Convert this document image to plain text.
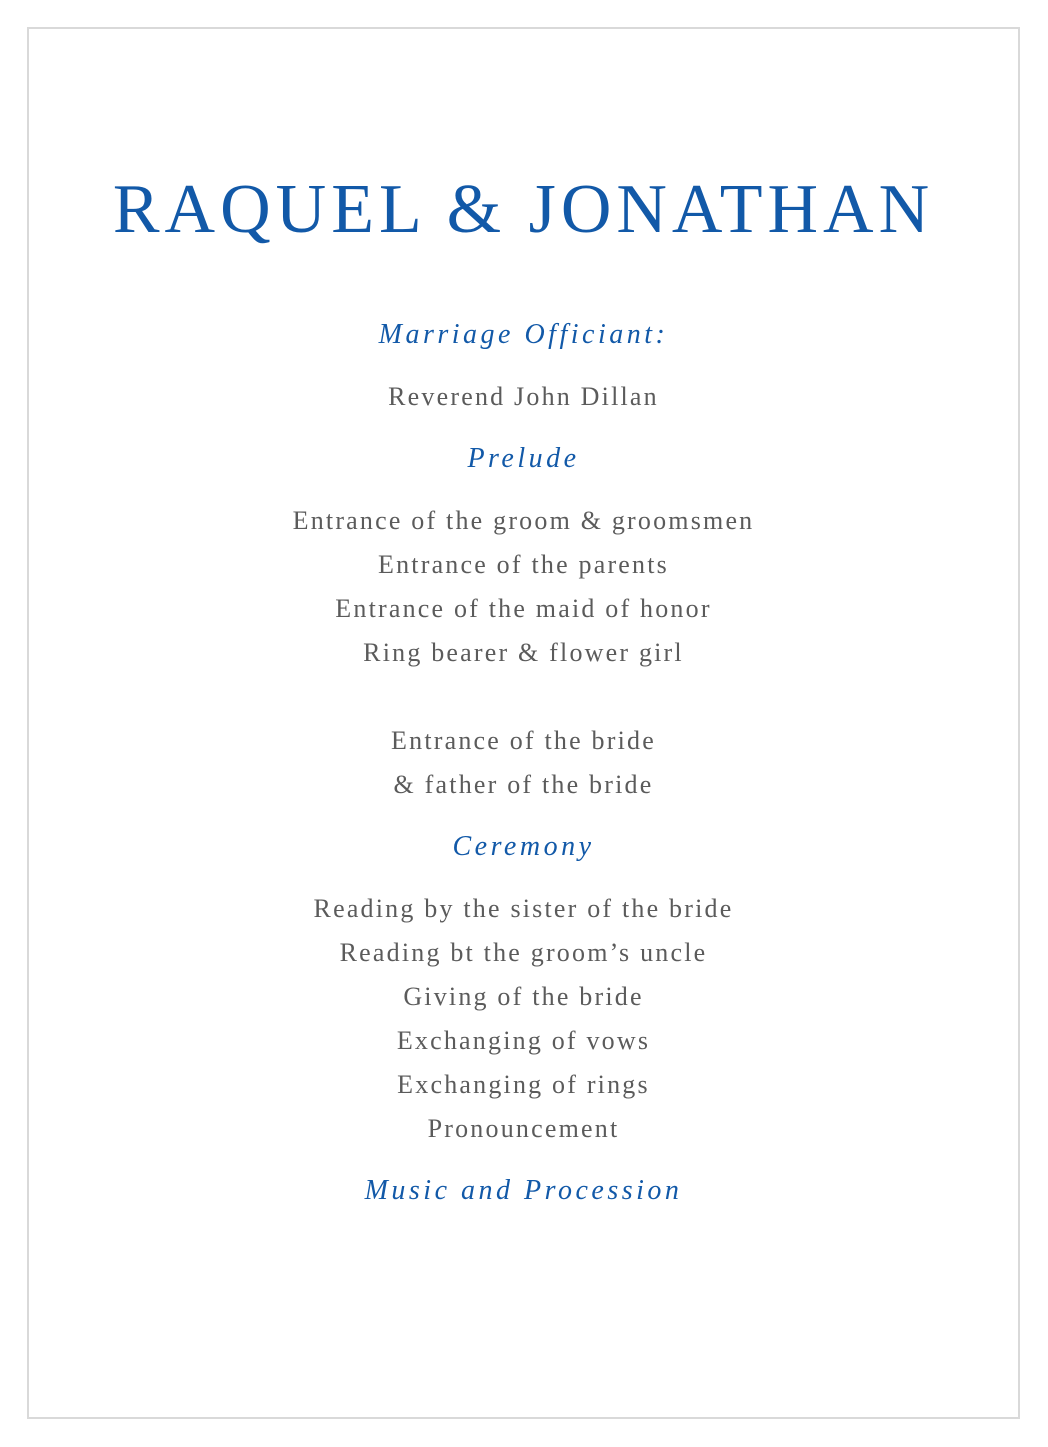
RAQUEL & JONATHAN
Marriage Officiant:
Reverend John Dillan
Prelude
Entrance of the groom & groomsmen
Entrance of the parents
Entrance of the maid of honor
Ring bearer & flower girl

Entrance of the bride
& father of the bride
Ceremony
Reading by the sister of the bride
Reading bt the groom’s uncle
Giving of the bride
Exchanging of vows
Exchanging of rings
Pronouncement
Music and Procession
